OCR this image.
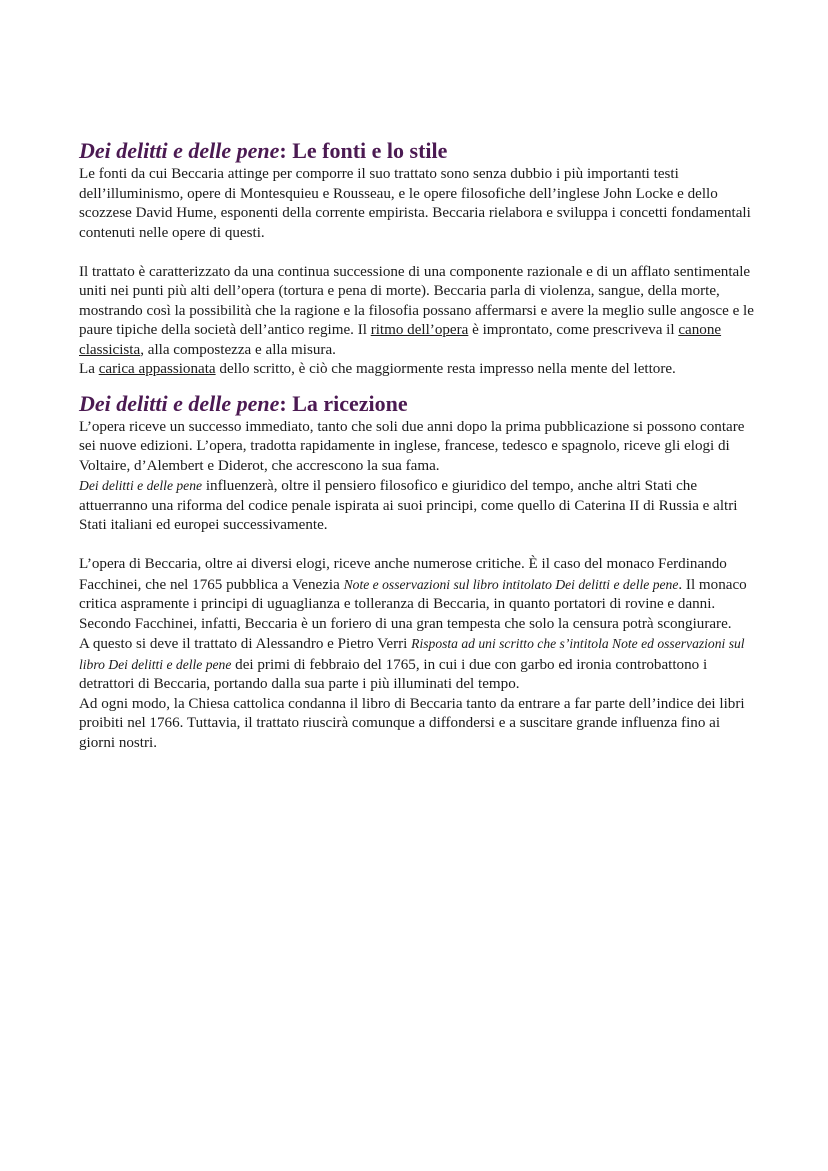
Dei delitti e delle pene: Le fonti e lo stile

Le fonti da cui Beccaria attinge per comporre il suo trattato sono senza dubbio i più importanti testi dell’illuminismo, opere di Montesquieu e Rousseau, e le opere filosofiche dell’inglese John Locke e dello scozzese David Hume, esponenti della corrente empirista. Beccaria rielabora e sviluppa i concetti fondamentali contenuti nelle opere di questi.

Il trattato è caratterizzato da una continua successione di una componente razionale e di un afflato sentimentale uniti nei punti più alti dell’opera (tortura e pena di morte). Beccaria parla di violenza, sangue, della morte, mostrando così la possibilità che la ragione e la filosofia possano affermarsi e avere la meglio sulle angosce e le paure tipiche della società dell’antico regime. Il ritmo dell’opera è improntato, come prescriveva il canone classicista, alla compostezza e alla misura.

La carica appassionata dello scritto, è ciò che maggiormente resta impresso nella mente del lettore.

Dei delitti e delle pene: La ricezione

L’opera riceve un successo immediato, tanto che soli due anni dopo la prima pubblicazione si possono contare sei nuove edizioni. L’opera, tradotta rapidamente in inglese, francese, tedesco e spagnolo, riceve gli elogi di Voltaire, d’Alembert e Diderot, che accrescono la sua fama.

Dei delitti e delle pene influenzerà, oltre il pensiero filosofico e giuridico del tempo, anche altri Stati che attuerranno una riforma del codice penale ispirata ai suoi principi, come quello di Caterina II di Russia e altri Stati italiani ed europei successivamente.

L’opera di Beccaria, oltre ai diversi elogi, riceve anche numerose critiche. È il caso del monaco Ferdinando Facchinei, che nel 1765 pubblica a Venezia Note e osservazioni sul libro intitolato Dei delitti e delle pene. Il monaco critica aspramente i principi di uguaglianza e tolleranza di Beccaria, in quanto portatori di rovine e danni. Secondo Facchinei, infatti, Beccaria è un foriero di una gran tempesta che solo la censura potrà scongiurare.

A questo si deve il trattato di Alessandro e Pietro Verri Risposta ad uni scritto che s’intitola Note ed osservazioni sul libro Dei delitti e delle pene dei primi di febbraio del 1765, in cui i due con garbo ed ironia controbattono i detrattori di Beccaria, portando dalla sua parte i più illuminati del tempo.

Ad ogni modo, la Chiesa cattolica condanna il libro di Beccaria tanto da entrare a far parte dell’indice dei libri proibiti nel 1766. Tuttavia, il trattato riuscirà comunque a diffondersi e a suscitare grande influenza fino ai giorni nostri.
